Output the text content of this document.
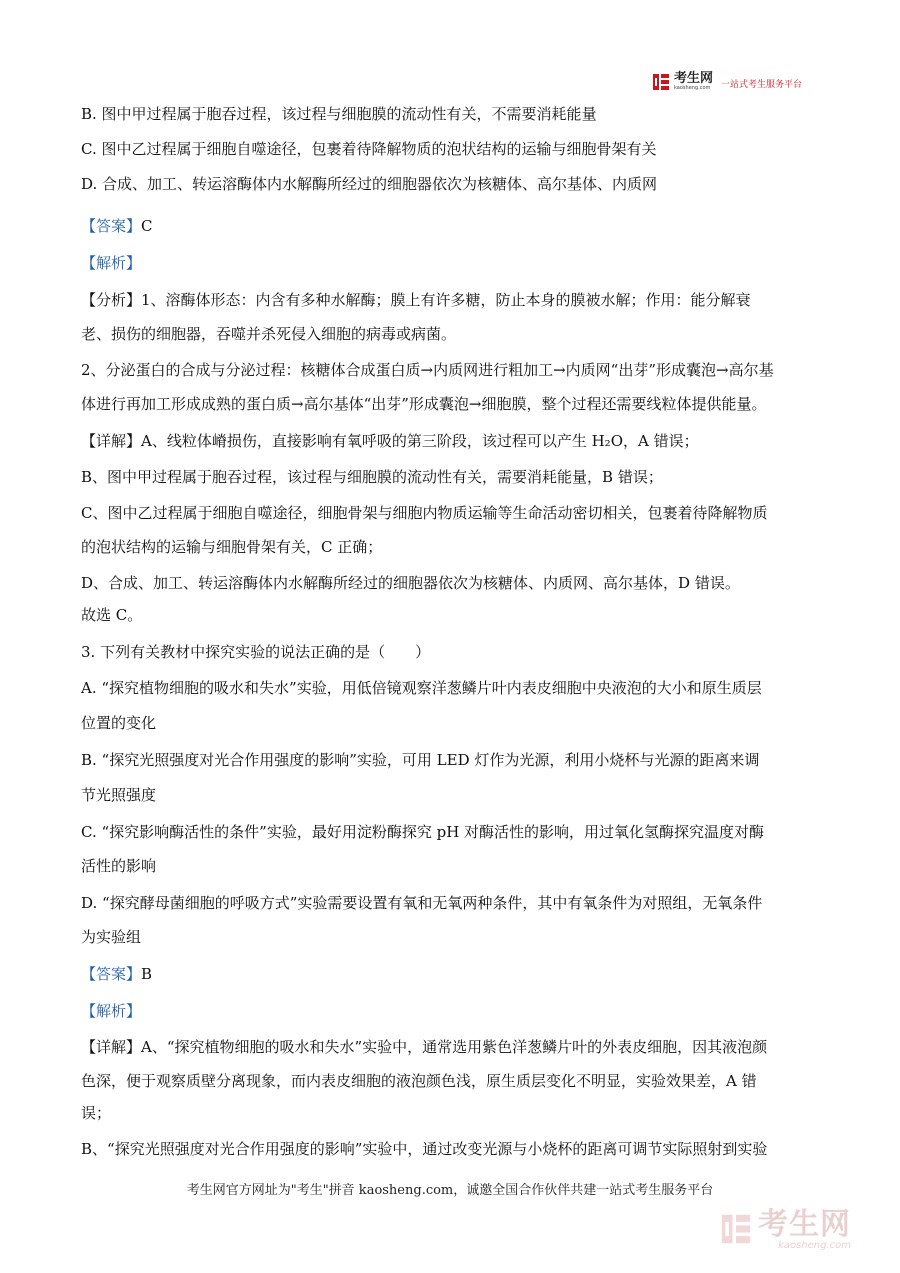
考生网
kaosheng.com 一站式考生服务平台
B. 图中甲过程属于胞吞过程，该过程与细胞膜的流动性有关，不需要消耗能量
C. 图中乙过程属于细胞自噬途径，包裹着待降解物质的泡状结构的运输与细胞骨架有关
D. 合成、加工、转运溶酶体内水解酶所经过的细胞器依次为核糖体、高尔基体、内质网
【答案】C
【解析】
【分析】1、溶酶体形态：内含有多种水解酶；膜上有许多糖，防止本身的膜被水解；作用：能分解衰
老、损伤的细胞器，吞噬并杀死侵入细胞的病毒或病菌。
2、分泌蛋白的合成与分泌过程：核糖体合成蛋白质→内质网进行粗加工→内质网“出芽”形成囊泡→高尔基
体进行再加工形成成熟的蛋白质→高尔基体“出芽”形成囊泡→细胞膜，整个过程还需要线粒体提供能量。
【详解】A、线粒体嵴损伤，直接影响有氧呼吸的第三阶段，该过程可以产生 H₂O，A 错误；
B、图中甲过程属于胞吞过程，该过程与细胞膜的流动性有关，需要消耗能量，B 错误；
C、图中乙过程属于细胞自噬途径，细胞骨架与细胞内物质运输等生命活动密切相关，包裹着待降解物质
的泡状结构的运输与细胞骨架有关，C 正确；
D、合成、加工、转运溶酶体内水解酶所经过的细胞器依次为核糖体、内质网、高尔基体，D 错误。
故选 C。
3. 下列有关教材中探究实验的说法正确的是（　　）
A. “探究植物细胞的吸水和失水”实验，用低倍镜观察洋葱鳞片叶内表皮细胞中央液泡的大小和原生质层
位置的变化
B. “探究光照强度对光合作用强度的影响”实验，可用 LED 灯作为光源，利用小烧杯与光源的距离来调
节光照强度
C. “探究影响酶活性的条件”实验，最好用淀粉酶探究 pH 对酶活性的影响，用过氧化氢酶探究温度对酶
活性的影响
D. “探究酵母菌细胞的呼吸方式”实验需要设置有氧和无氧两种条件，其中有氧条件为对照组，无氧条件
为实验组
【答案】B
【解析】
【详解】A、“探究植物细胞的吸水和失水”实验中，通常选用紫色洋葱鳞片叶的外表皮细胞，因其液泡颜
色深，便于观察质壁分离现象，而内表皮细胞的液泡颜色浅，原生质层变化不明显，实验效果差，A 错
误；
B、“探究光照强度对光合作用强度的影响”实验中，通过改变光源与小烧杯的距离可调节实际照射到实验
考生网官方网址为"考生"拼音 kaosheng.com，诚邀全国合作伙伴共建一站式考生服务平台
考生网
kaosheng.com
